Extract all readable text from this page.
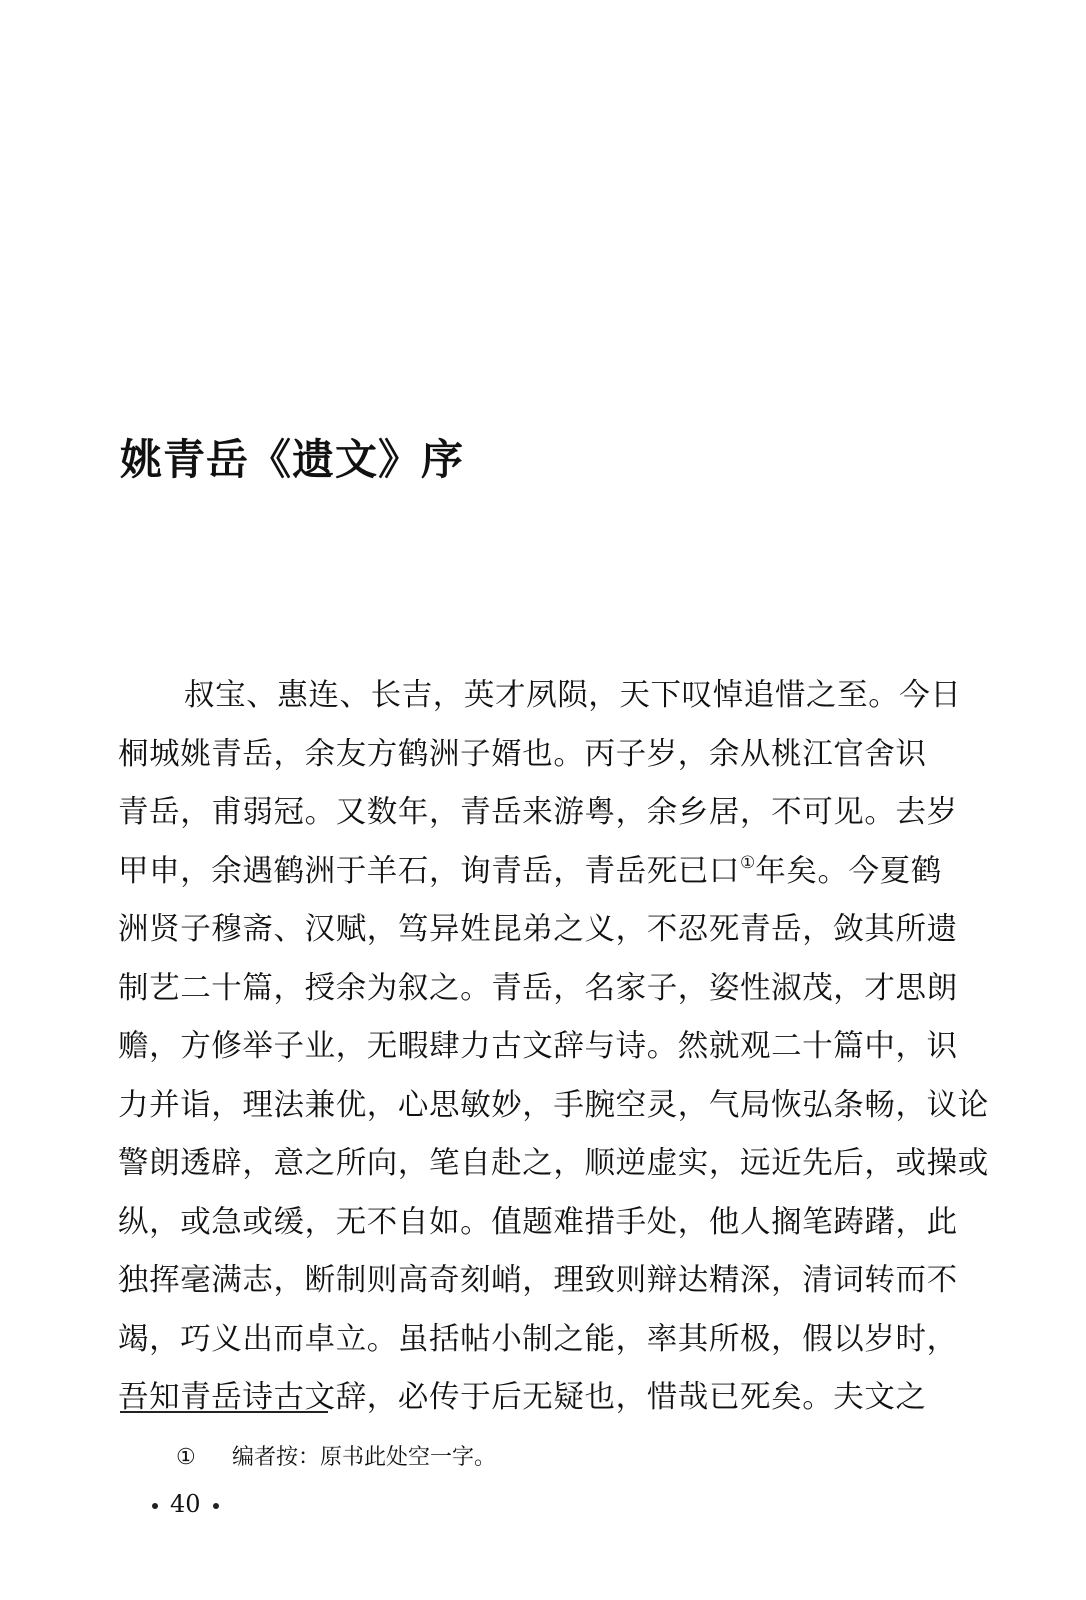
姚青岳《遗文》序
叔宝、惠连、长吉，英才夙陨，天下叹悼追惜之至。今日
桐城姚青岳，余友方鹤洲子婿也。丙子岁，余从桃江官舍识
青岳，甫弱冠。又数年，青岳来游粤，余乡居，不可见。去岁
甲申，余遇鹤洲于羊石，询青岳，青岳死已口①年矣。今夏鹤
洲贤子穆斋、汉赋，笃异姓昆弟之义，不忍死青岳，敛其所遗
制艺二十篇，授余为叙之。青岳，名家子，姿性淑茂，才思朗
赡，方修举子业，无暇肆力古文辞与诗。然就观二十篇中，识
力并诣，理法兼优，心思敏妙，手腕空灵，气局恢弘条畅，议论
警朗透辟，意之所向，笔自赴之，顺逆虚实，远近先后，或操或
纵，或急或缓，无不自如。值题难措手处，他人搁笔踌躇，此
独挥毫满志，断制则高奇刻峭，理致则辩达精深，清词转而不
竭，巧义出而卓立。虽括帖小制之能，率其所极，假以岁时，
吾知青岳诗古文辞，必传于后无疑也，惜哉已死矣。夫文之
① 编者按：原书此处空一字。
40
